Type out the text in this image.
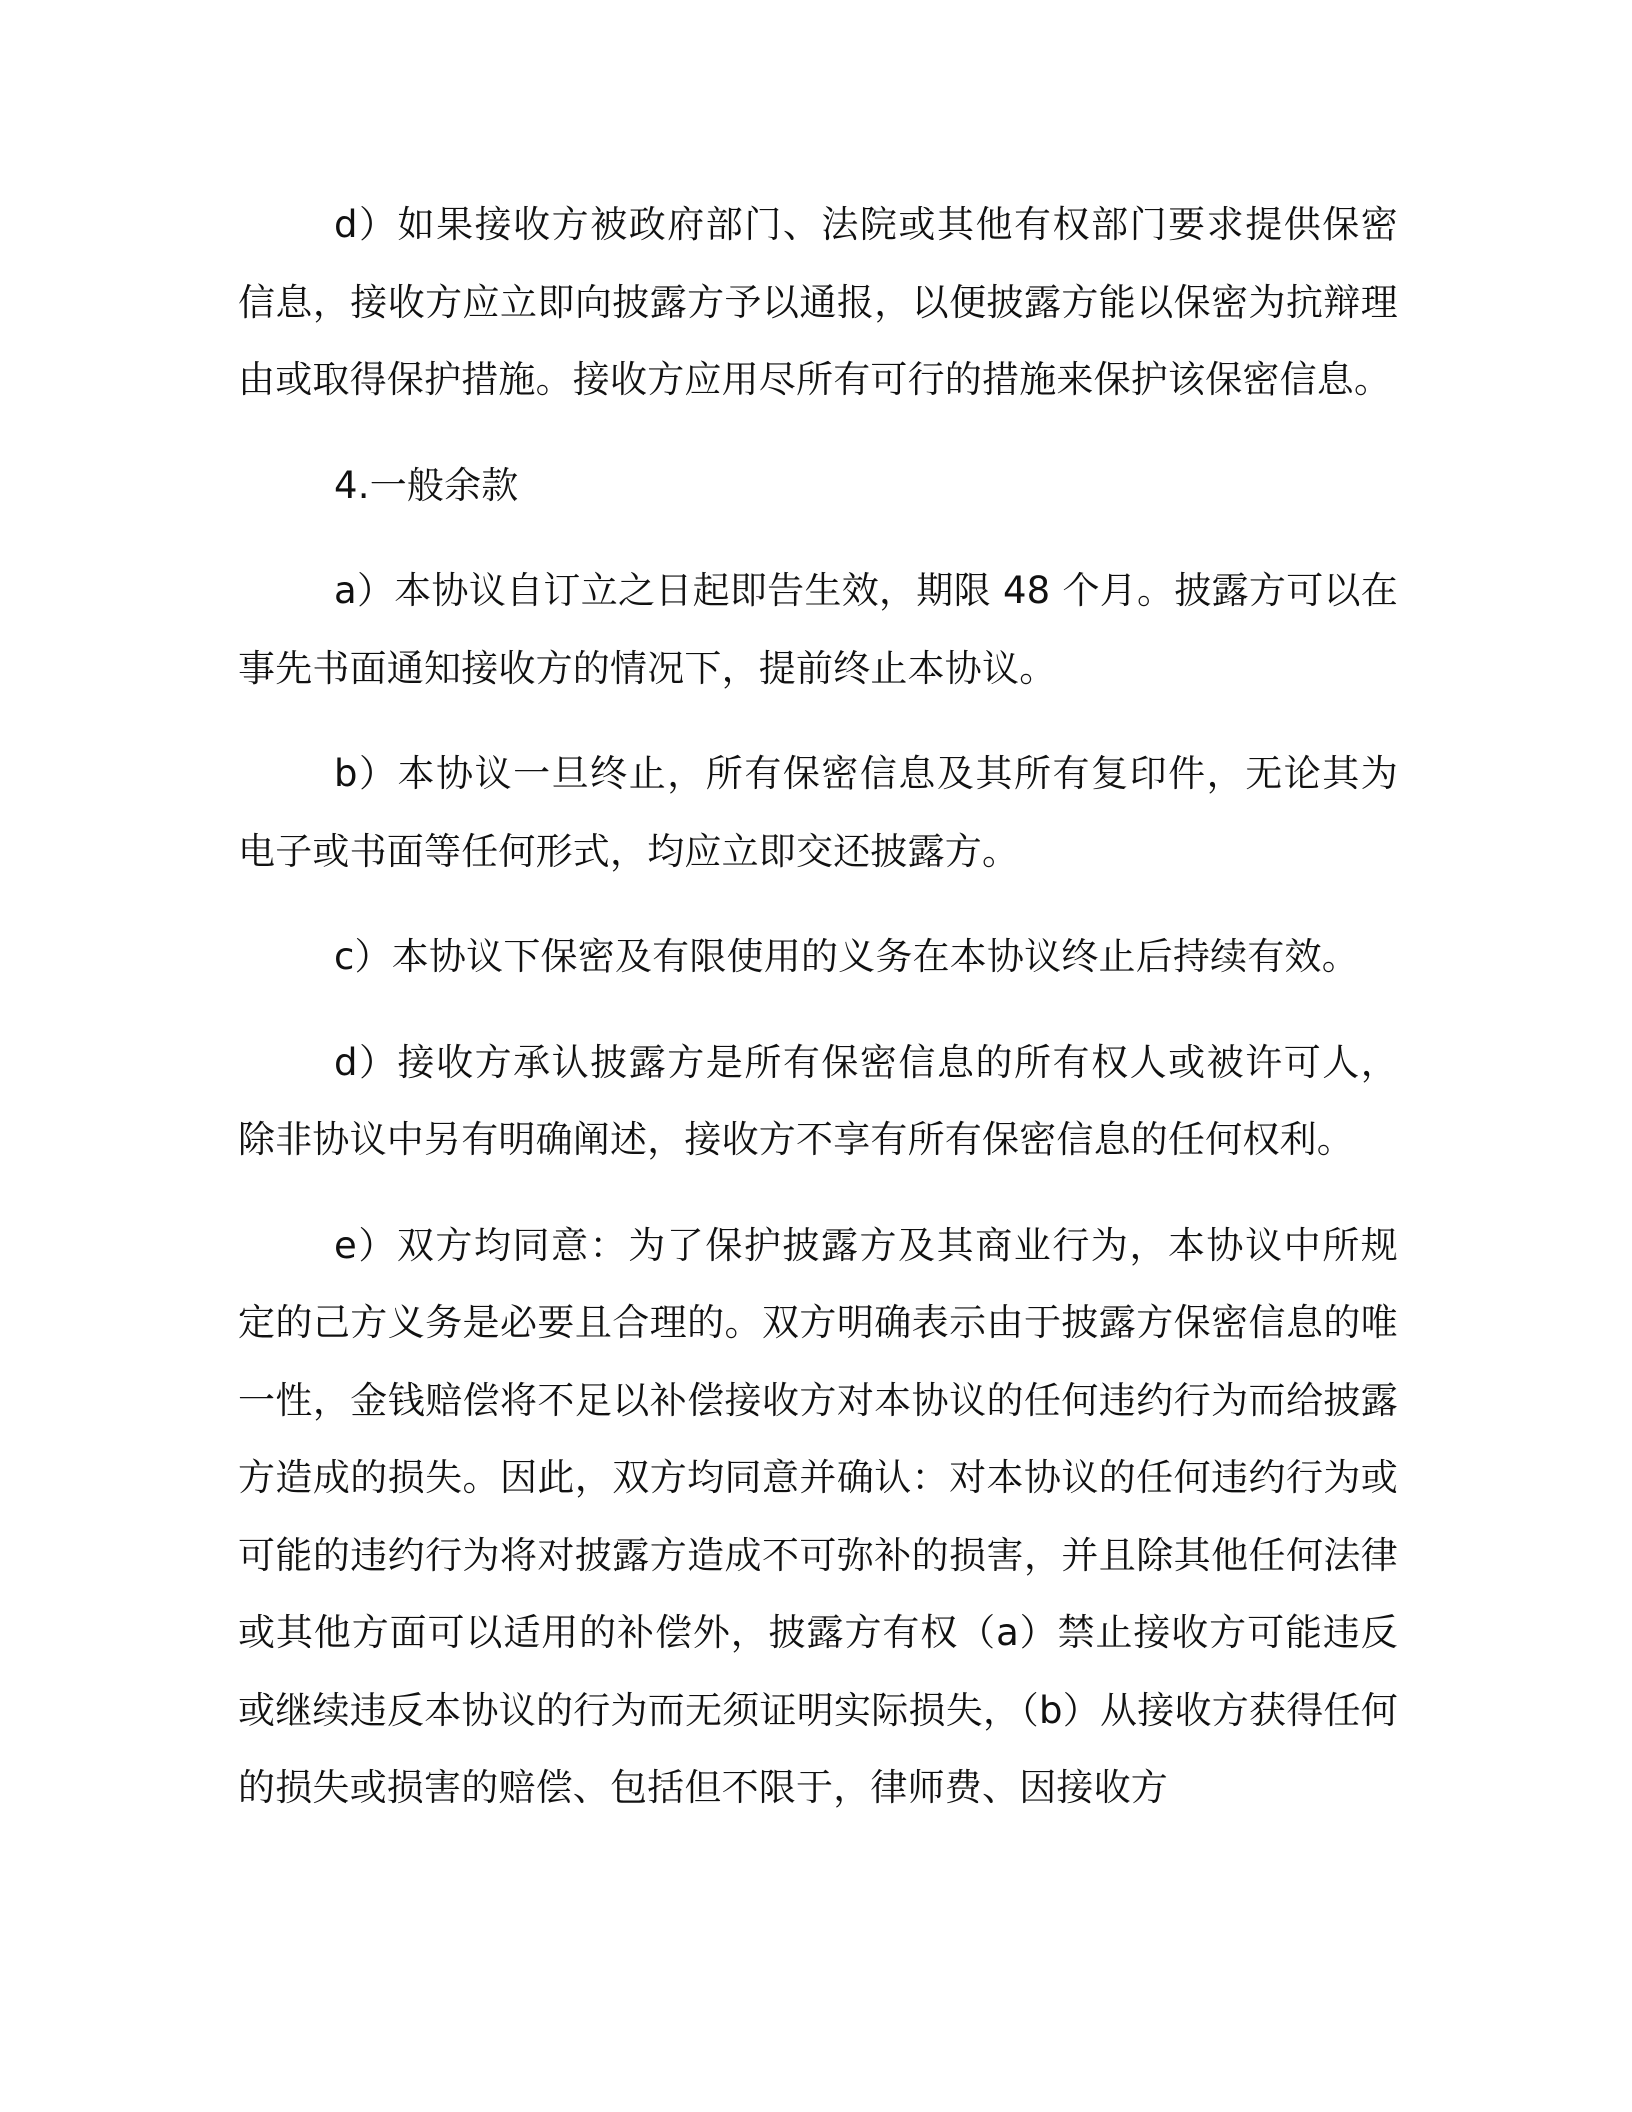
d）如果接收方被政府部门、法院或其他有权部门要求提供保密信息，接收方应立即向披露方予以通报，以便披露方能以保密为抗辩理由或取得保护措施。接收方应用尽所有可行的措施来保护该保密信息。

4.一般余款

a）本协议自订立之日起即告生效，期限 48 个月。披露方可以在事先书面通知接收方的情况下，提前终止本协议。

b）本协议一旦终止，所有保密信息及其所有复印件，无论其为电子或书面等任何形式，均应立即交还披露方。

c）本协议下保密及有限使用的义务在本协议终止后持续有效。

d）接收方承认披露方是所有保密信息的所有权人或被许可人，除非协议中另有明确阐述，接收方不享有所有保密信息的任何权利。

e）双方均同意：为了保护披露方及其商业行为，本协议中所规定的己方义务是必要且合理的。双方明确表示由于披露方保密信息的唯一性，金钱赔偿将不足以补偿接收方对本协议的任何违约行为而给披露方造成的损失。因此，双方均同意并确认：对本协议的任何违约行为或可能的违约行为将对披露方造成不可弥补的损害，并且除其他任何法律或其他方面可以适用的补偿外，披露方有权（a）禁止接收方可能违反或继续违反本协议的行为而无须证明实际损失，（b）从接收方获得任何的损失或损害的赔偿、包括但不限于，律师费、因接收方
